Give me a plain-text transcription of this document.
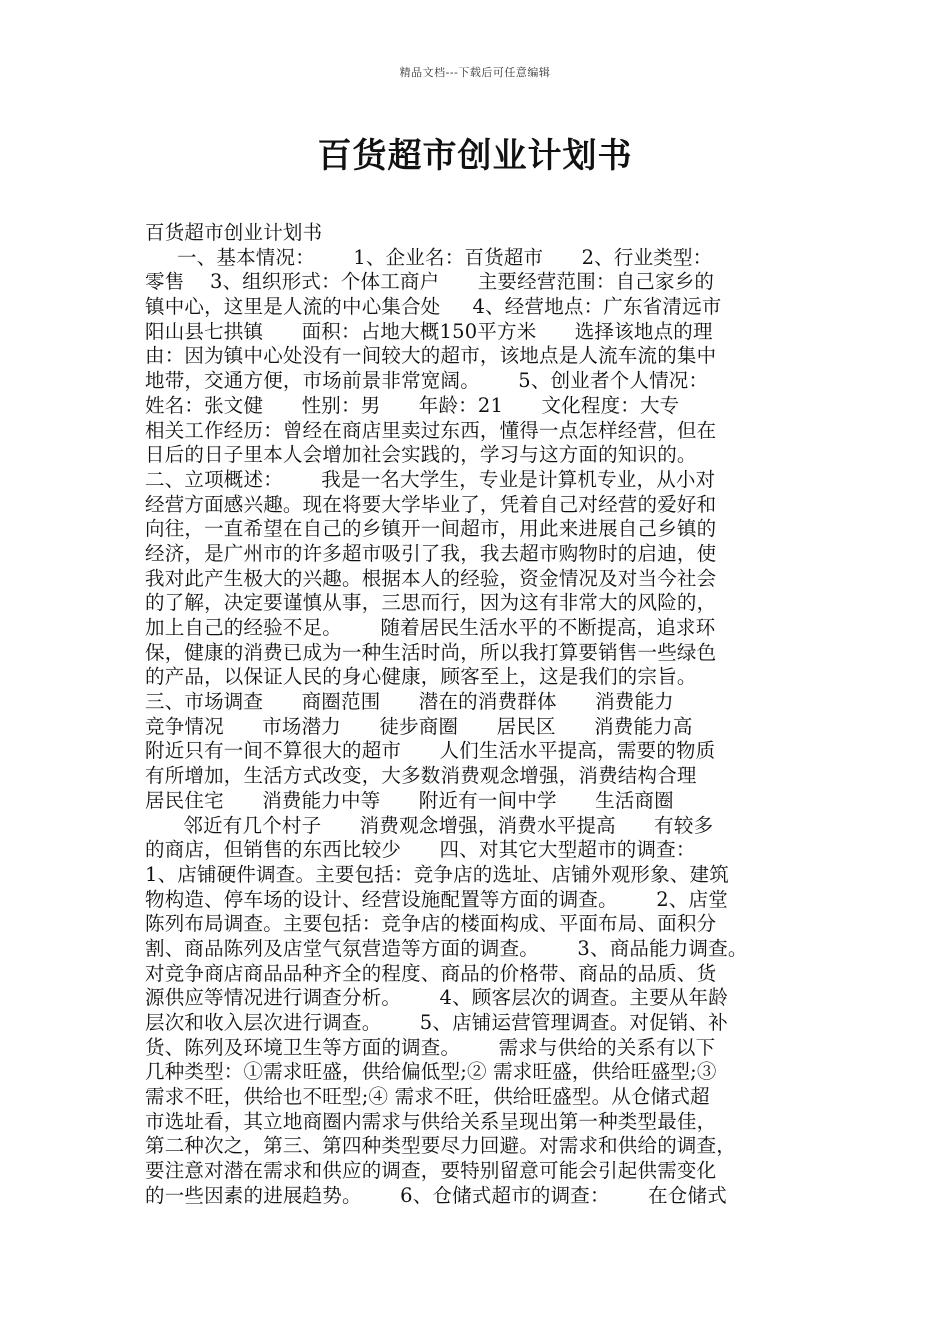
精品文档---下载后可任意编辑
百货超市创业计划书
百货超市创业计划书
一、基本情况：      1、企业名：百货超市      2、行业类型：
零售    3、组织形式：个体工商户      主要经营范围：自己家乡的
镇中心，这里是人流的中心集合处     4、经营地点：广东省清远市
阳山县七拱镇      面积：占地大概150平方米      选择该地点的理
由：因为镇中心处没有一间较大的超市，该地点是人流车流的集中
地带，交通方便，市场前景非常宽阔。      5、创业者个人情况：
姓名：张文健      性别：男      年龄：21      文化程度：大专
相关工作经历：曾经在商店里卖过东西，懂得一点怎样经营，但在
日后的日子里本人会增加社会实践的，学习与这方面的知识的。
二、立项概述：      我是一名大学生，专业是计算机专业，从小对
经营方面感兴趣。现在将要大学毕业了，凭着自己对经营的爱好和
向往，一直希望在自己的乡镇开一间超市，用此来进展自己乡镇的
经济，是广州市的许多超市吸引了我，我去超市购物时的启迪，使
我对此产生极大的兴趣。根据本人的经验，资金情况及对当今社会
的了解，决定要谨慎从事，三思而行，因为这有非常大的风险的，
加上自己的经验不足。      随着居民生活水平的不断提高，追求环
保，健康的消费已成为一种生活时尚，所以我打算要销售一些绿色
的产品，以保证人民的身心健康，顾客至上，这是我们的宗旨。
三、市场调查      商圈范围      潜在的消费群体      消费能力
竞争情况      市场潜力      徒步商圈      居民区      消费能力高
附近只有一间不算很大的超市      人们生活水平提高，需要的物质
有所增加，生活方式改变，大多数消费观念增强，消费结构合理
居民住宅      消费能力中等      附近有一间中学      生活商圈
邻近有几个村子      消费观念增强，消费水平提高      有较多
的商店，但销售的东西比较少      四、对其它大型超市的调查：
1、店铺硬件调查。主要包括：竞争店的选址、店铺外观形象、建筑
物构造、停车场的设计、经营设施配置等方面的调查。      2、店堂
陈列布局调查。主要包括：竞争店的楼面构成、平面布局、面积分
割、商品陈列及店堂气氛营造等方面的调查。      3、商品能力调查。
对竞争商店商品品种齐全的程度、商品的价格带、商品的品质、货
源供应等情况进行调查分析。      4、顾客层次的调查。主要从年龄
层次和收入层次进行调查。      5、店铺运营管理调查。对促销、补
货、陈列及环境卫生等方面的调查。      需求与供给的关系有以下
几种类型：①需求旺盛，供给偏低型;② 需求旺盛，供给旺盛型;③
需求不旺，供给也不旺型;④ 需求不旺，供给旺盛型。从仓储式超
市选址看，其立地商圈内需求与供给关系呈现出第一种类型最佳，
第二种次之，第三、第四种类型要尽力回避。对需求和供给的调查，
要注意对潜在需求和供应的调查，要特别留意可能会引起供需变化
的一些因素的进展趋势。      6、仓储式超市的调查：      在仓储式
